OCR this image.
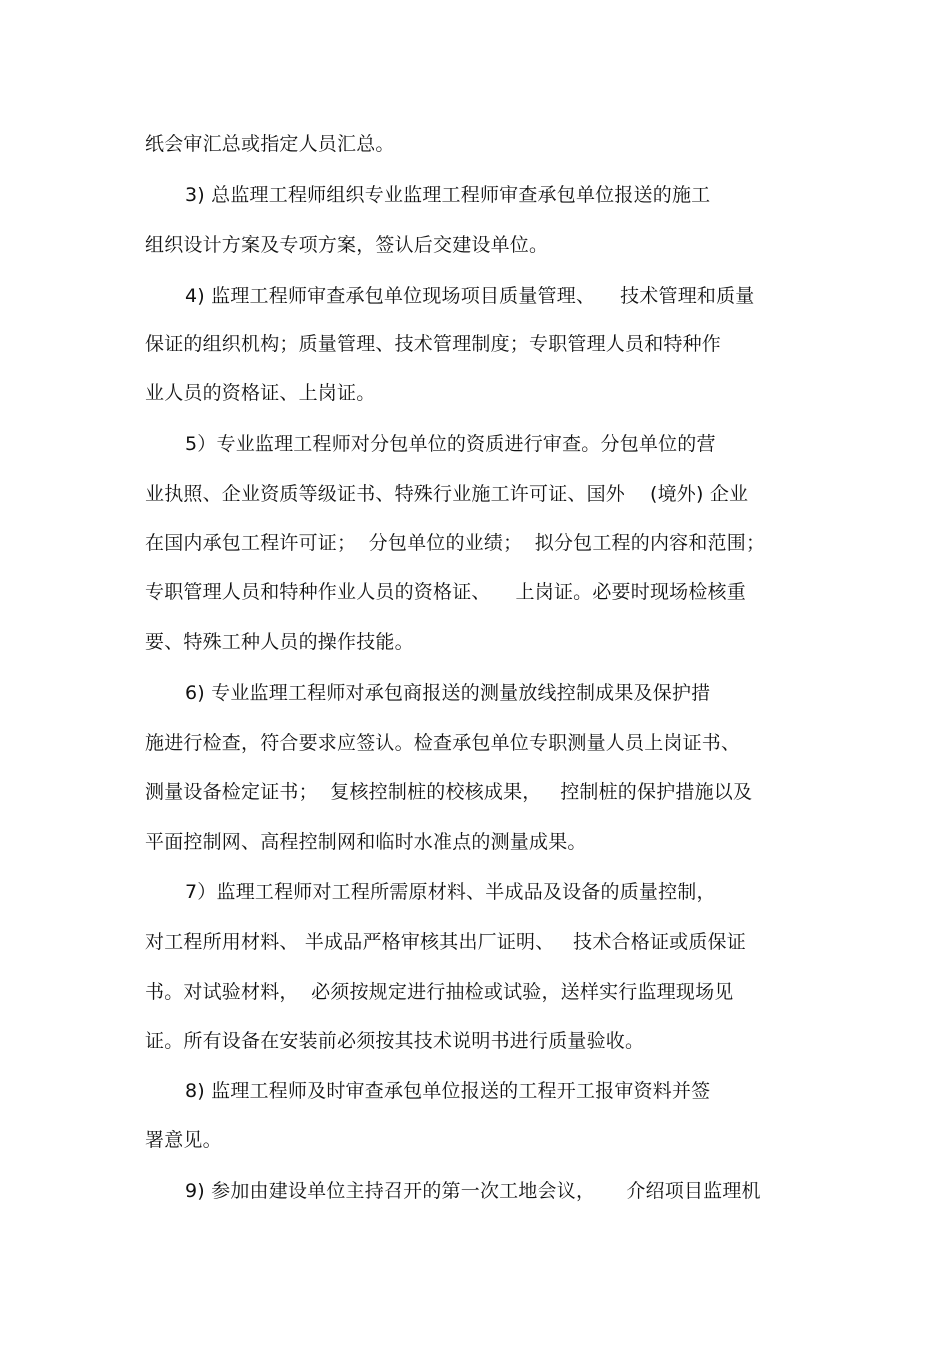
纸会审汇总或指定人员汇总。
3) 总监理工程师组织专业监理工程师审查承包单位报送的施工
组织设计方案及专项方案，签认后交建设单位。
4) 监理工程师审查承包单位现场项目质量管理、    技术管理和质量
保证的组织机构；质量管理、技术管理制度；专职管理人员和特种作
业人员的资格证、上岗证。
5）专业监理工程师对分包单位的资质进行审查。分包单位的营
业执照、企业资质等级证书、特殊行业施工许可证、国外    (境外) 企业
在国内承包工程许可证；  分包单位的业绩；  拟分包工程的内容和范围；
专职管理人员和特种作业人员的资格证、    上岗证。必要时现场检核重
要、特殊工种人员的操作技能。
6) 专业监理工程师对承包商报送的测量放线控制成果及保护措
施进行检查，符合要求应签认。检查承包单位专职测量人员上岗证书、
测量设备检定证书；  复核控制桩的校核成果，   控制桩的保护措施以及
平面控制网、高程控制网和临时水准点的测量成果。
7）监理工程师对工程所需原材料、半成品及设备的质量控制，
对工程所用材料、 半成品严格审核其出厂证明、   技术合格证或质保证
书。对试验材料，  必须按规定进行抽检或试验，送样实行监理现场见
证。所有设备在安装前必须按其技术说明书进行质量验收。
8) 监理工程师及时审查承包单位报送的工程开工报审资料并签
署意见。
9) 参加由建设单位主持召开的第一次工地会议，     介绍项目监理机
